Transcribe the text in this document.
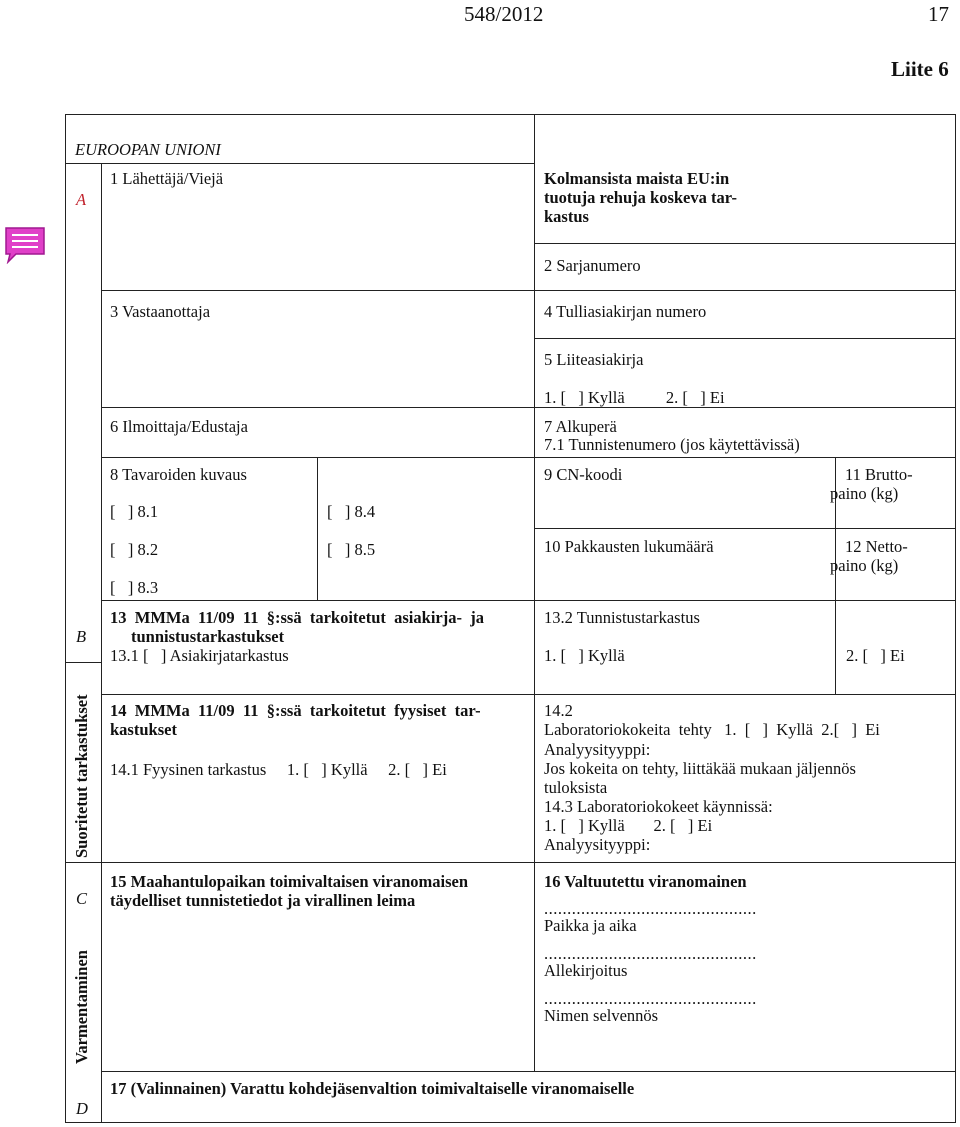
548/2012	17
Liite 6
EUROOPAN UNIONI
A
1 Lähettäjä/Viejä	Kolmansista maista EU:in
tuotuja rehuja koskeva tar-
kastus
2 Sarjanumero
3 Vastaanottaja	4 Tulliasiakirjan numero
5 Liiteasiakirja
1. [   ] Kyllä          2. [   ] Ei
6 Ilmoittaja/Edustaja	7 Alkuperä
7.1 Tunnistenumero (jos käytettävissä)
8 Tavaroiden kuvaus
[   ] 8.1	[   ] 8.4
[   ] 8.2	[   ] 8.5
[   ] 8.3
9 CN-koodi	11 Brutto-
paino (kg)
10 Pakkausten lukumäärä	12 Netto-
paino (kg)
B
Suoritetut tarkastukset
13  MMMa  11/09  11  §:ssä  tarkoitetut  asiakirja-  ja
tunnistustarkastukset
13.1 [   ] Asiakirjatarkastus
13.2 Tunnistustarkastus
1. [   ] Kyllä	2. [   ] Ei
14  MMMa  11/09  11  §:ssä  tarkoitetut  fyysiset  tar-
kastukset
14.1 Fyysinen tarkastus     1. [   ] Kyllä     2. [   ] Ei
14.2
Laboratoriokokeita  tehty   1.  [   ]  Kyllä  2.[   ]  Ei
Analyysityyppi:
Jos kokeita on tehty, liittäkää mukaan jäljennös
tuloksista
14.3 Laboratoriokokeet käynnissä:
1. [   ] Kyllä       2. [   ] Ei
Analyysityyppi:
C
Varmentaminen
15 Maahantulopaikan toimivaltaisen viranomaisen
täydelliset tunnistetiedot ja virallinen leima
16 Valtuutettu viranomainen
..............................................
Paikka ja aika
..............................................
Allekirjoitus
..............................................
Nimen selvennös
D
17 (Valinnainen) Varattu kohdejäsenvaltion toimivaltaiselle viranomaiselle
